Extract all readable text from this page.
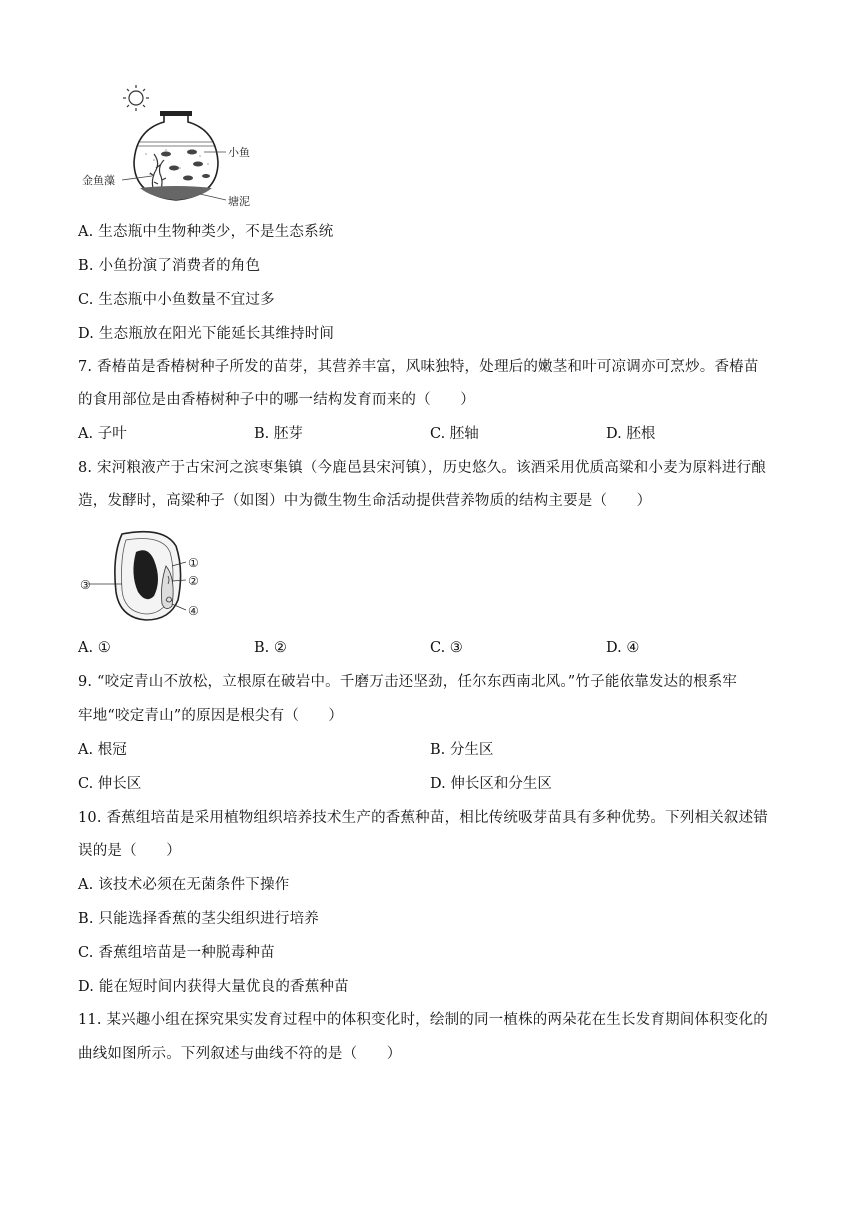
小鱼
金鱼藻
塘泥
A. 生态瓶中生物种类少，不是生态系统
B. 小鱼扮演了消费者的角色
C. 生态瓶中小鱼数量不宜过多
D. 生态瓶放在阳光下能延长其维持时间
7. 香椿苗是香椿树种子所发的苗芽，其营养丰富，风味独特，处理后的嫩茎和叶可凉调亦可烹炒。香椿苗
的食用部位是由香椿树种子中的哪一结构发育而来的（　　）
A. 子叶	B. 胚芽	C. 胚轴	D. 胚根
8. 宋河粮液产于古宋河之滨枣集镇（今鹿邑县宋河镇），历史悠久。该酒采用优质高粱和小麦为原料进行酿
造，发酵时，高粱种子（如图）中为微生物生命活动提供营养物质的结构主要是（　　）
①
②
③
④
A. ①	B. ②	C. ③	D. ④
9. “咬定青山不放松，立根原在破岩中。千磨万击还坚劲，任尔东西南北风。”竹子能依靠发达的根系牢
牢地“咬定青山”的原因是根尖有（　　）
A. 根冠	B. 分生区
C. 伸长区	D. 伸长区和分生区
10. 香蕉组培苗是采用植物组织培养技术生产的香蕉种苗，相比传统吸芽苗具有多种优势。下列相关叙述错
误的是（　　）
A. 该技术必须在无菌条件下操作
B. 只能选择香蕉的茎尖组织进行培养
C. 香蕉组培苗是一种脱毒种苗
D. 能在短时间内获得大量优良的香蕉种苗
11. 某兴趣小组在探究果实发育过程中的体积变化时，绘制的同一植株的两朵花在生长发育期间体积变化的
曲线如图所示。下列叙述与曲线不符的是（　　）
